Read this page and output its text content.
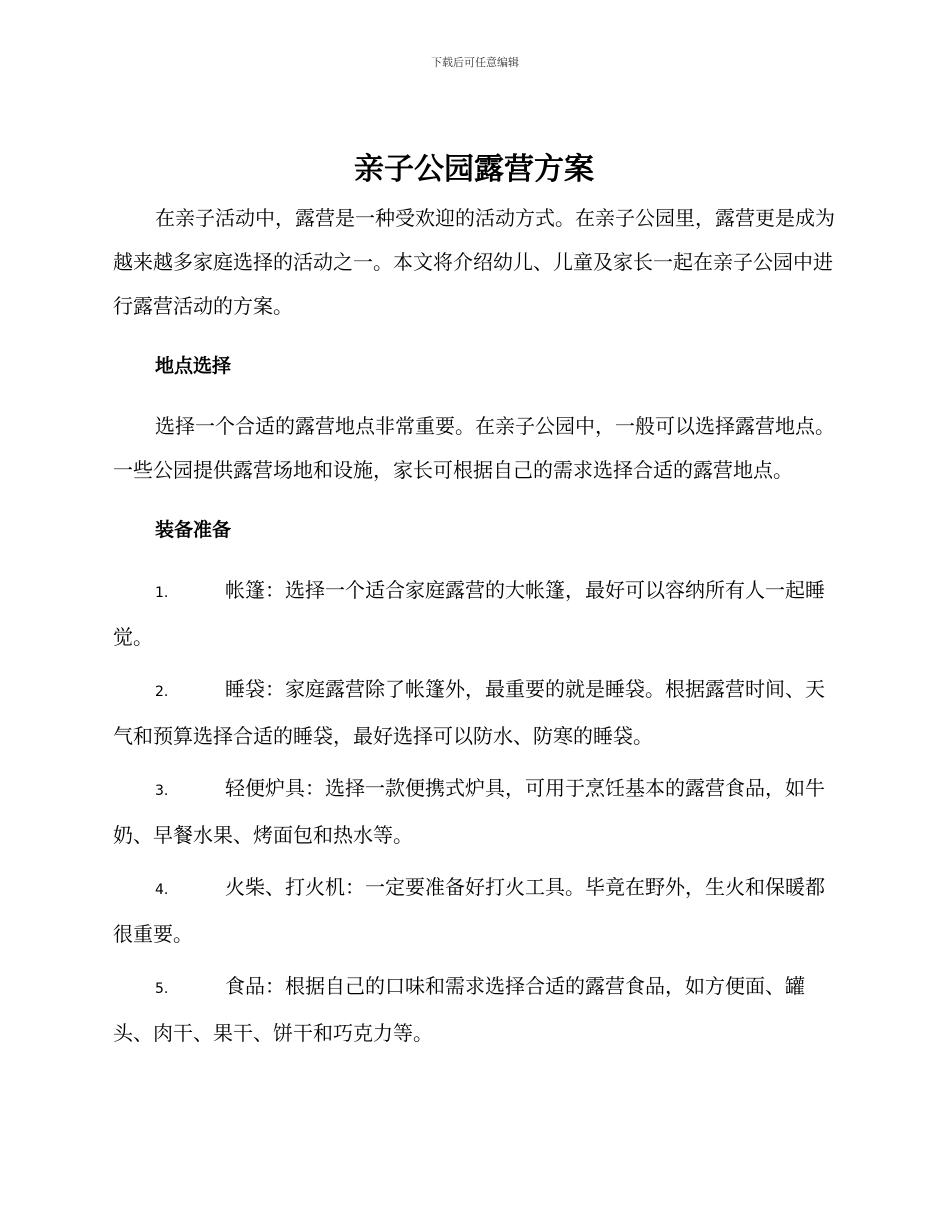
下载后可任意编辑
亲子公园露营方案

在亲子活动中，露营是一种受欢迎的活动方式。在亲子公园里，露营更是成为越来越多家庭选择的活动之一。本文将介绍幼儿、儿童及家长一起在亲子公园中进行露营活动的方案。

地点选择

选择一个合适的露营地点非常重要。在亲子公园中，一般可以选择露营地点。一些公园提供露营场地和设施，家长可根据自己的需求选择合适的露营地点。

装备准备
1.	帐篷：选择一个适合家庭露营的大帐篷，最好可以容纳所有人一起睡觉。
2.	睡袋：家庭露营除了帐篷外，最重要的就是睡袋。根据露营时间、天气和预算选择合适的睡袋，最好选择可以防水、防寒的睡袋。
3.	轻便炉具：选择一款便携式炉具，可用于烹饪基本的露营食品，如牛奶、早餐水果、烤面包和热水等。
4.	火柴、打火机：一定要准备好打火工具。毕竟在野外，生火和保暖都很重要。
5.	食品：根据自己的口味和需求选择合适的露营食品，如方便面、罐头、肉干、果干、饼干和巧克力等。
